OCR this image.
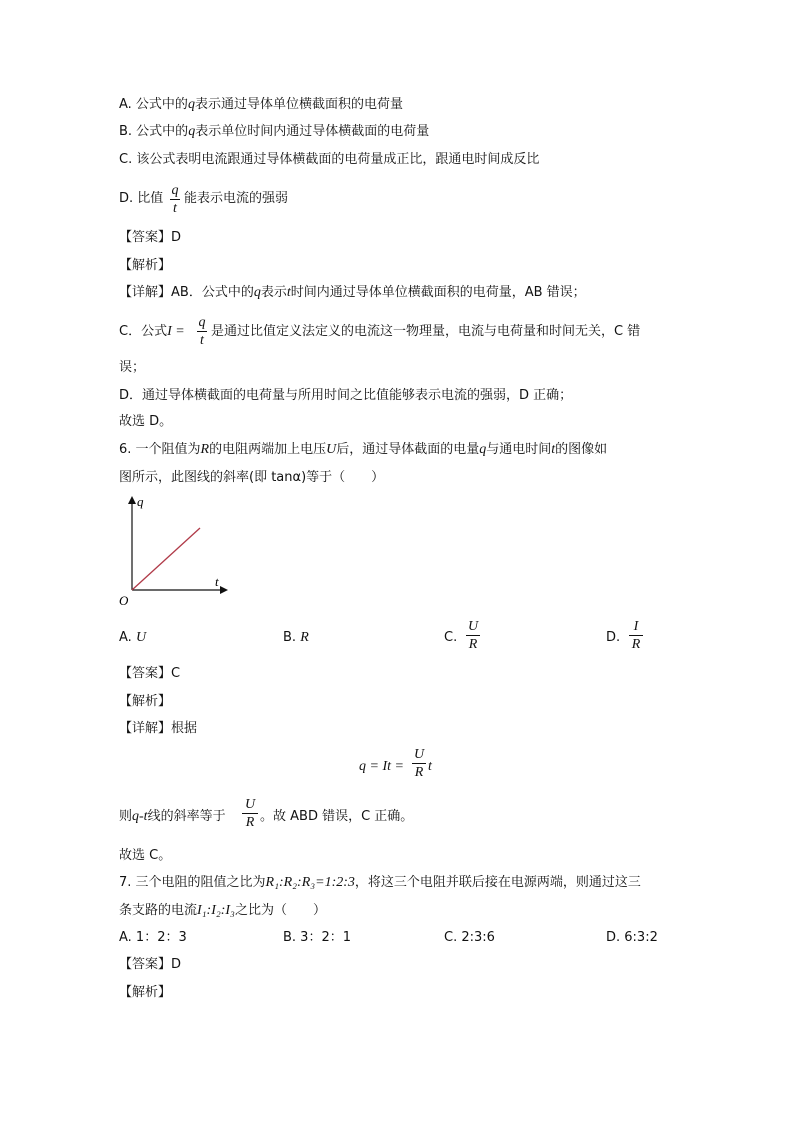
A. 公式中的q表示通过导体单位横截面积的电荷量
B. 公式中的q表示单位时间内通过导体横截面的电荷量
C. 该公式表明电流跟通过导体横截面的电荷量成正比，跟通电时间成反比
D. 比值
q
t
能表示电流的强弱
【答案】D
【解析】
【详解】AB．公式中的q表示t时间内通过导体单位横截面积的电荷量，AB 错误；
C．公式I =
q
t
是通过比值定义法定义的电流这一物理量，电流与电荷量和时间无关，C 错
误；
D．通过导体横截面的电荷量与所用时间之比值能够表示电流的强弱，D 正确；
故选 D。
6. 一个阻值为R的电阻两端加上电压U后，通过导体截面的电量q与通电时间t的图像如
图所示，此图线的斜率(即 tanα)等于（　　）
q
t
O
A. U	B. R	C.
U
R	D.
I
R
【答案】C
【解析】
【详解】根据
q = It =
U
R t
则q-t线的斜率等于
U
R 。故 ABD 错误，C 正确。
故选 C。
7. 三个电阻的阻值之比为R₁:R₂:R₃=1:2:3，将这三个电阻并联后接在电源两端，则通过这三
条支路的电流I₁:I₂:I₃之比为（　　）
A. 1：2：3	B. 3：2：1	C. 2:3:6	D. 6:3:2
【答案】D
【解析】
